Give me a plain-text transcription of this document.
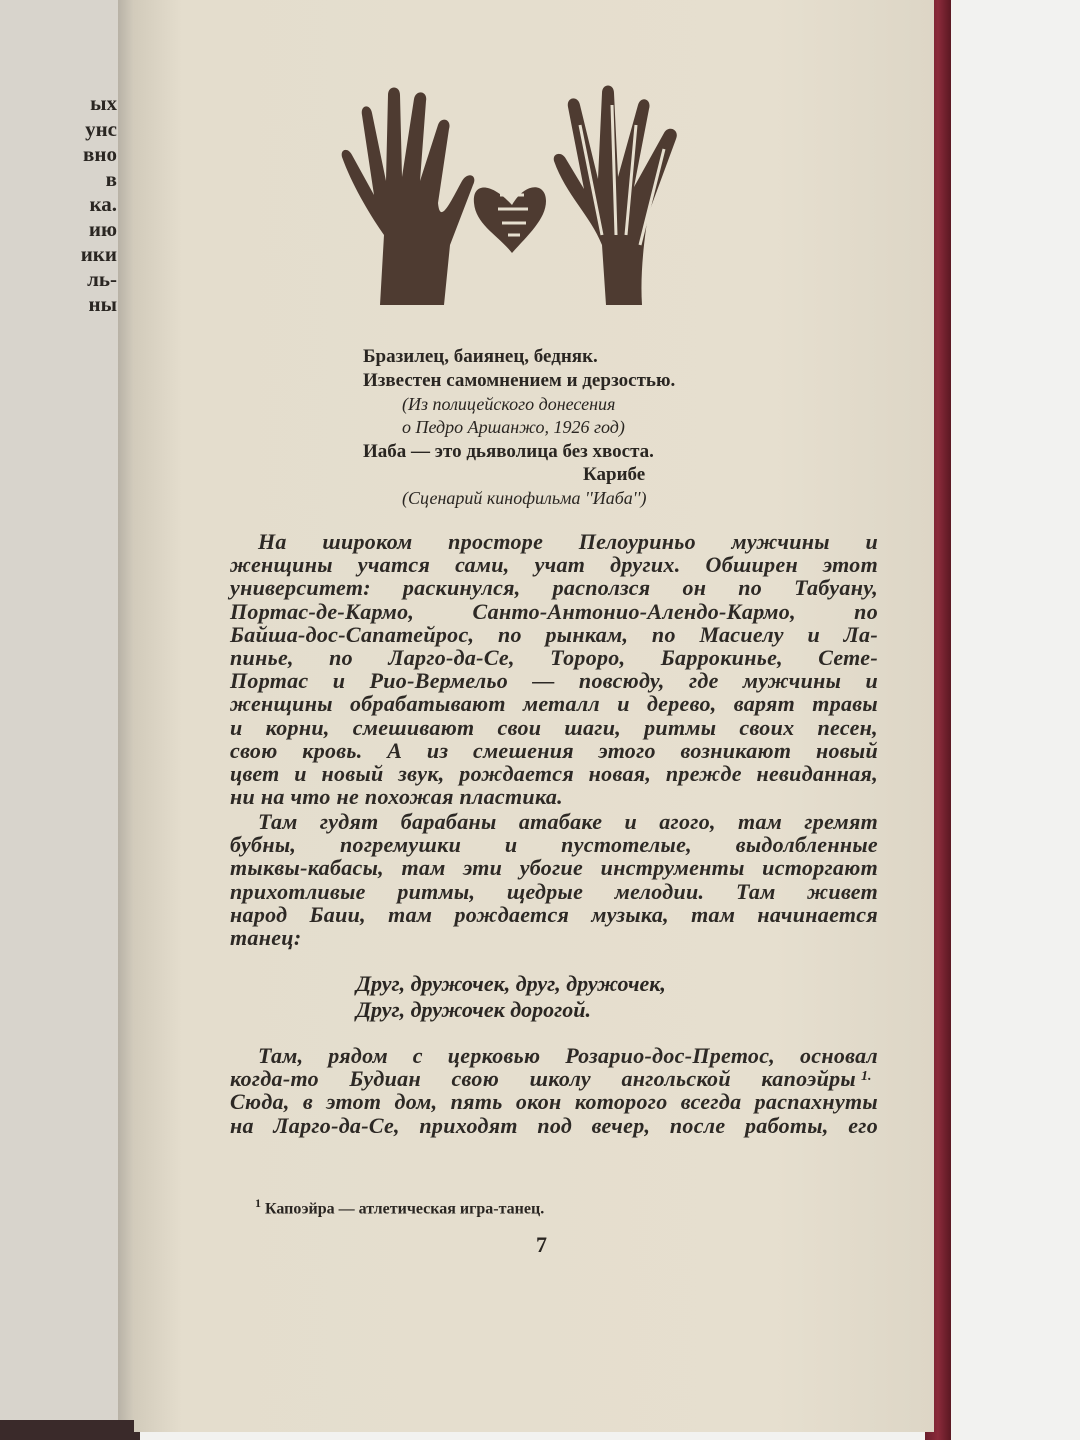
ых
унс
вно
в
ка.
ию
ики
ль-
ны
Бразилец, баиянец, бедняк.
Известен самомнением и дерзостью.
(Из полицейского донесения
о Педро Аршанжо, 1926 год)
Иаба — это дьяволица без хвоста.
Карибе
(Сценарий кинофильма ''Иаба'')
На широком просторе Пелоуриньо мужчины и
женщины учатся сами, учат других. Обширен этот
университет: раскинулся, расползся он по Табуану,
Портас-де-Кармо, Санто-Антонио-Алендо-Кармо, по
Байша-дос-Сапатейрос, по рынкам, по Масиелу и Ла-
пинье, по Ларго-да-Се, Тороро, Баррокинье, Сете-
Портас и Рио-Вермельо — повсюду, где мужчины и
женщины обрабатывают металл и дерево, варят травы
и корни, смешивают свои шаги, ритмы своих песен,
свою кровь. А из смешения этого возникают новый
цвет и новый звук, рождается новая, прежде невиданная,
ни на что не похожая пластика.
Там гудят барабаны атабаке и агого, там гремят
бубны, погремушки и пустотелые, выдолбленные
тыквы-кабасы, там эти убогие инструменты исторгают
прихотливые ритмы, щедрые мелодии. Там живет
народ Баии, там рождается музыка, там начинается
танец:
Там, рядом с церковью Розарио-дос-Претос, основал
когда-то Будиан свою школу ангольской капоэйры 1.
Сюда, в этот дом, пять окон которого всегда распахнуты
на Ларго-да-Се, приходят под вечер, после работы, его
Друг, дружочек, друг, дружочек,
Друг, дружочек дорогой.
$^1$ Капоэйра — атлетическая игра-танец.
7
